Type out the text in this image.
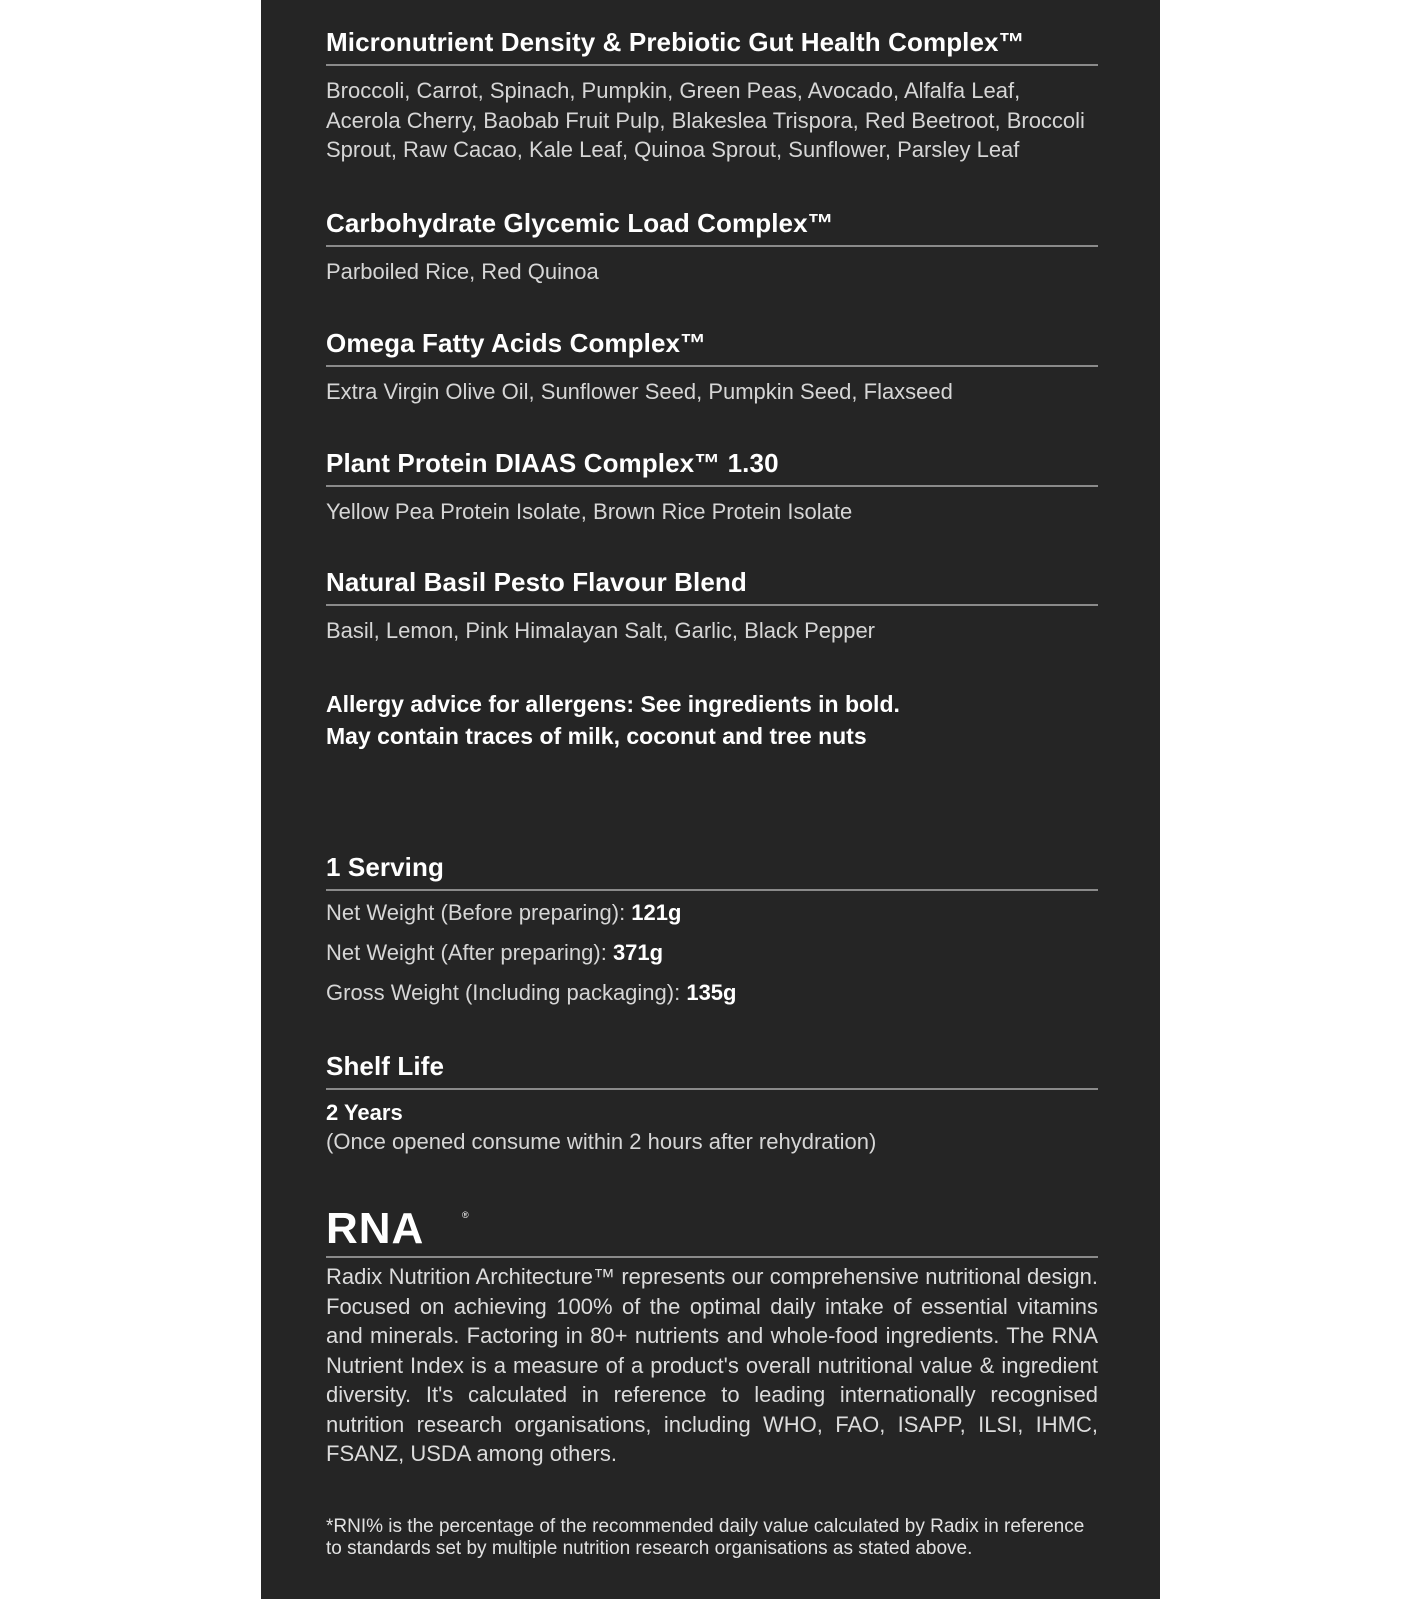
Micronutrient Density & Prebiotic Gut Health Complex™
Broccoli, Carrot, Spinach, Pumpkin, Green Peas, Avocado, Alfalfa Leaf, Acerola Cherry, Baobab Fruit Pulp, Blakeslea Trispora, Red Beetroot, Broccoli Sprout, Raw Cacao, Kale Leaf, Quinoa Sprout, Sunflower, Parsley Leaf
Carbohydrate Glycemic Load Complex™
Parboiled Rice, Red Quinoa
Omega Fatty Acids Complex™
Extra Virgin Olive Oil, Sunflower Seed, Pumpkin Seed, Flaxseed
Plant Protein DIAAS Complex™ 1.30
Yellow Pea Protein Isolate, Brown Rice Protein Isolate
Natural Basil Pesto Flavour Blend
Basil, Lemon, Pink Himalayan Salt, Garlic, Black Pepper
Allergy advice for allergens: See ingredients in bold.
May contain traces of milk, coconut and tree nuts
1 Serving
Net Weight (Before preparing): 121g
Net Weight (After preparing): 371g
Gross Weight (Including packaging): 135g
Shelf Life
2 Years
(Once opened consume within 2 hours after rehydration)
RNA	®
Radix Nutrition Architecture™ represents our comprehensive nutritional design. Focused on achieving 100% of the optimal daily intake of essential vitamins and minerals. Factoring in 80+ nutrients and whole-food ingredients. The RNA Nutrient Index is a measure of a product's overall nutritional value & ingredient diversity. It's calculated in reference to leading internationally recognised nutrition research organisations, including WHO, FAO, ISAPP, ILSI, IHMC, FSANZ, USDA among others.
*RNI% is the percentage of the recommended daily value calculated by Radix in reference to standards set by multiple nutrition research organisations as stated above.
